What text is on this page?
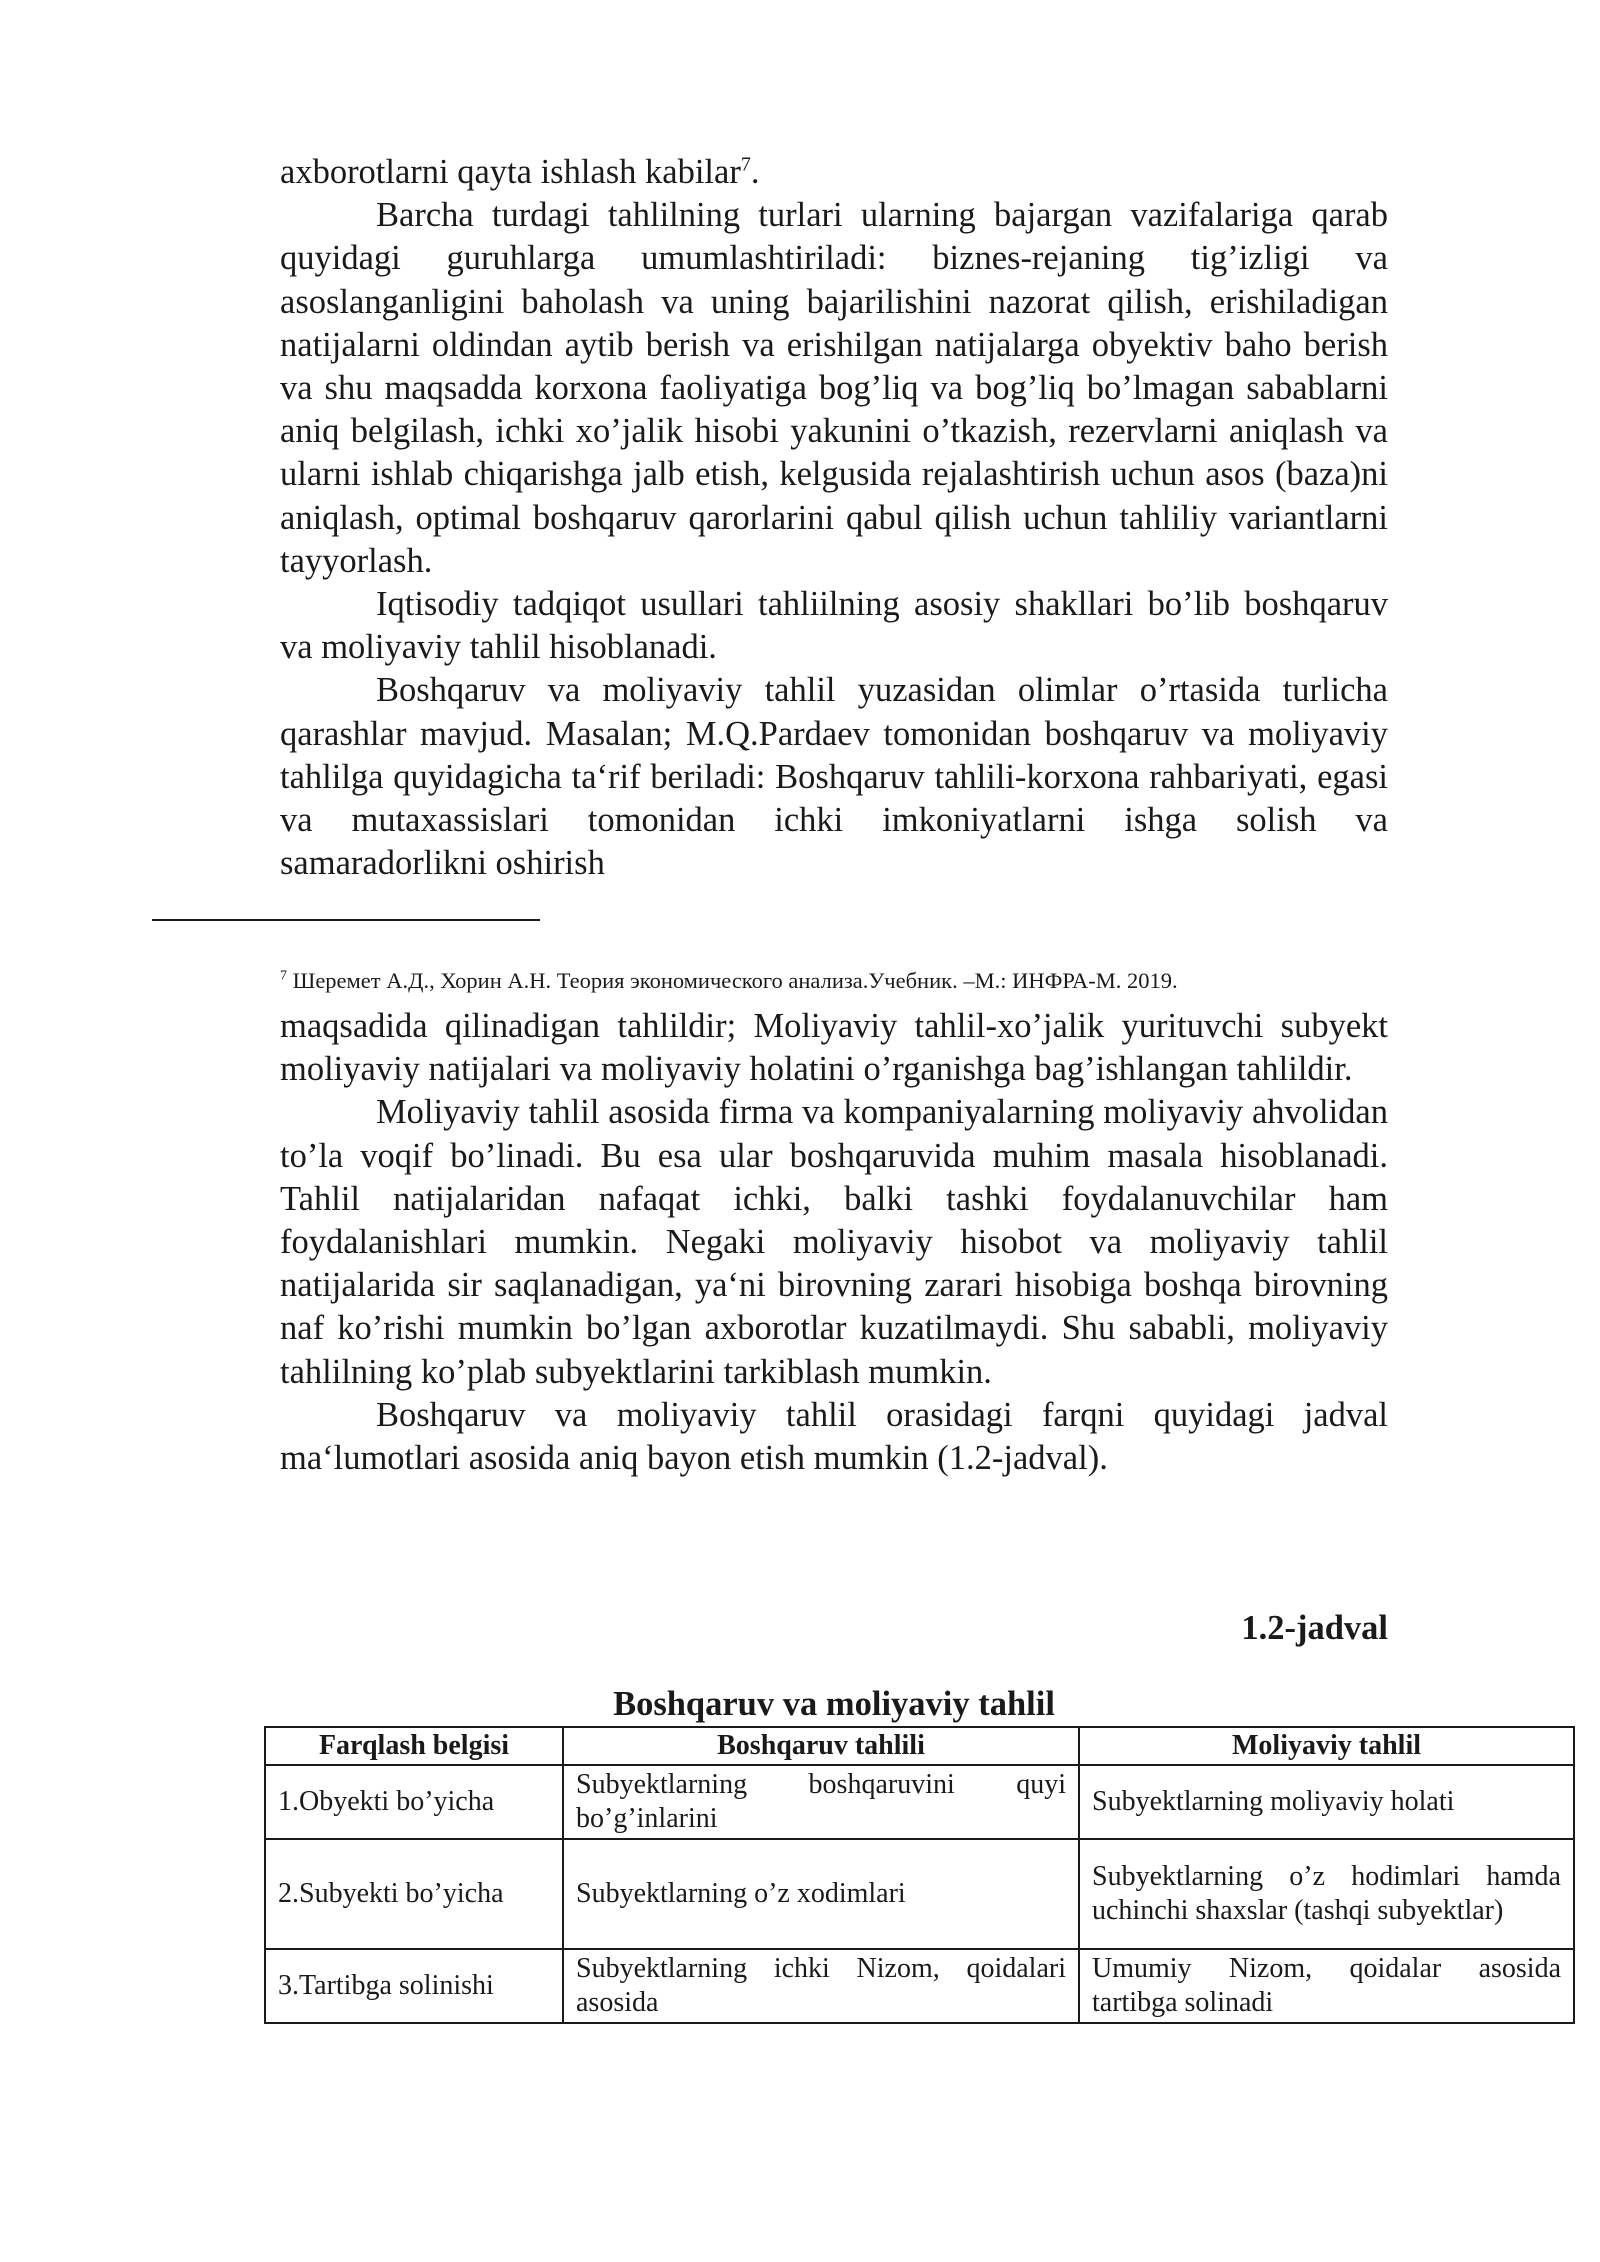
axborotlarni qayta ishlash kabilar$^7$.

Barcha turdagi tahlilning turlari ularning bajargan vazifalariga qarab quyidagi guruhlarga umumlashtiriladi: biznes-rejaning tig’izligi va asoslanganligini baholash va uning bajarilishini nazorat qilish, erishiladigan natijalarni oldindan aytib berish va erishilgan natijalarga obyektiv baho berish va shu maqsadda korxona faoliyatiga bog’liq va bog’liq bo’lmagan sabablarni aniq belgilash, ichki xo’jalik hisobi yakunini o’tkazish, rezervlarni aniqlash va ularni ishlab chiqarishga jalb etish, kelgusida rejalashtirish uchun asos (baza)ni aniqlash, optimal boshqaruv qarorlarini qabul qilish uchun tahliliy variantlarni tayyorlash.

Iqtisodiy tadqiqot usullari tahliilning asosiy shakllari bo’lib boshqaruv va moliyaviy tahlil hisoblanadi.

Boshqaruv va moliyaviy tahlil yuzasidan olimlar o’rtasida turlicha qarashlar mavjud. Masalan; M.Q.Pardaev tomonidan boshqaruv va moliyaviy tahlilga quyidagicha ta‘rif beriladi: Boshqaruv tahlili-korxona rahbariyati, egasi va mutaxassislari tomonidan ichki imkoniyatlarni ishga solish va samaradorlikni oshirish

$^7$ Шеремет А.Д., Хорин А.Н. Теория экономического анализа.Учебник. –М.: ИНФРА-М. 2019.

maqsadida qilinadigan tahlildir; Moliyaviy tahlil-xo’jalik yurituvchi subyekt moliyaviy natijalari va moliyaviy holatini o’rganishga bag’ishlangan tahlildir.

Moliyaviy tahlil asosida firma va kompaniyalarning moliyaviy ahvolidan to’la voqif bo’linadi. Bu esa ular boshqaruvida muhim masala hisoblanadi. Tahlil natijalaridan nafaqat ichki, balki tashki foydalanuvchilar ham foydalanishlari mumkin. Negaki moliyaviy hisobot va moliyaviy tahlil natijalarida sir saqlanadigan, ya‘ni birovning zarari hisobiga boshqa birovning naf ko’rishi mumkin bo’lgan axborotlar kuzatilmaydi. Shu sababli, moliyaviy tahlilning ko’plab subyektlarini tarkiblash mumkin.

Boshqaruv va moliyaviy tahlil orasidagi farqni quyidagi jadval ma‘lumotlari asosida aniq bayon etish mumkin (1.2-jadval).

1.2-jadval
Boshqaruv va moliyaviy tahlil
Farqlash belgisi	Boshqaruv tahlili	Moliyaviy tahlil
1.Obyekti bo’yicha	Subyektlarning boshqaruvini quyi bo’g’inlarini	Subyektlarning moliyaviy holati
2.Subyekti bo’yicha	Subyektlarning o’z xodimlari	Subyektlarning o’z hodimlari hamda uchinchi shaxslar (tashqi subyektlar)
3.Tartibga solinishi	Subyektlarning ichki Nizom, qoidalari asosida	Umumiy Nizom, qoidalar asosida tartibga solinadi
